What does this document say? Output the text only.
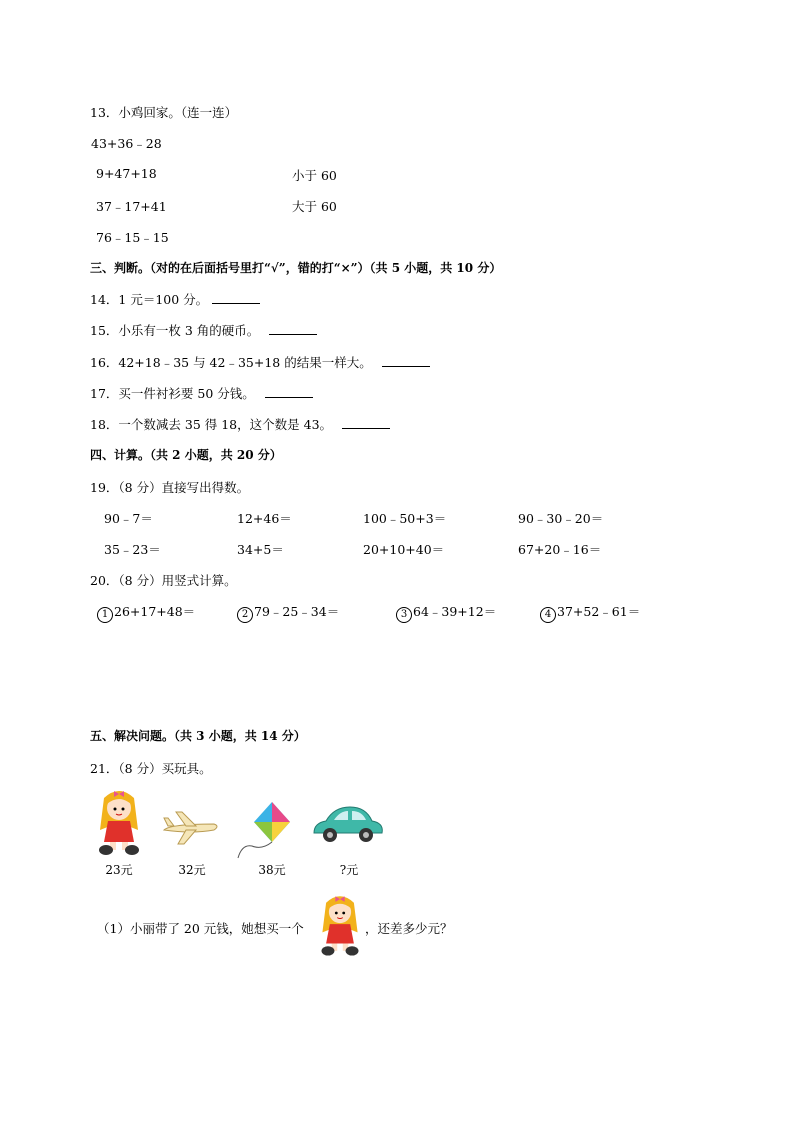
13．小鸡回家。（连一连）
43+36﹣28
9+47+18
37﹣17+41
76﹣15﹣15
小于 60
大于 60
三、判断。（对的在后面括号里打“√”，错的打“×”）（共 5 小题，共 10 分）
14．1 元＝100 分。
15．小乐有一枚 3 角的硬币。
16．42+18﹣35 与 42﹣35+18 的结果一样大。
17．买一件衬衫要 50 分钱。
18．一个数减去 35 得 18，这个数是 43。
四、计算。（共 2 小题，共 20 分）
19．（8 分）直接写出得数。
90﹣7＝	12+46＝	100﹣50+3＝	90﹣30﹣20＝
35﹣23＝	34+5＝	20+10+40＝	67+20﹣16＝
20．（8 分）用竖式计算。
1 26+17+48＝	2 79﹣25﹣34＝	3 64﹣39+12＝	4 37+52﹣61＝
五、解决问题。（共 3 小题，共 14 分）
21．（8 分）买玩具。
23元	32元	38元	?元
（1）小丽带了 20 元钱，她想买一个	，还差多少元？
